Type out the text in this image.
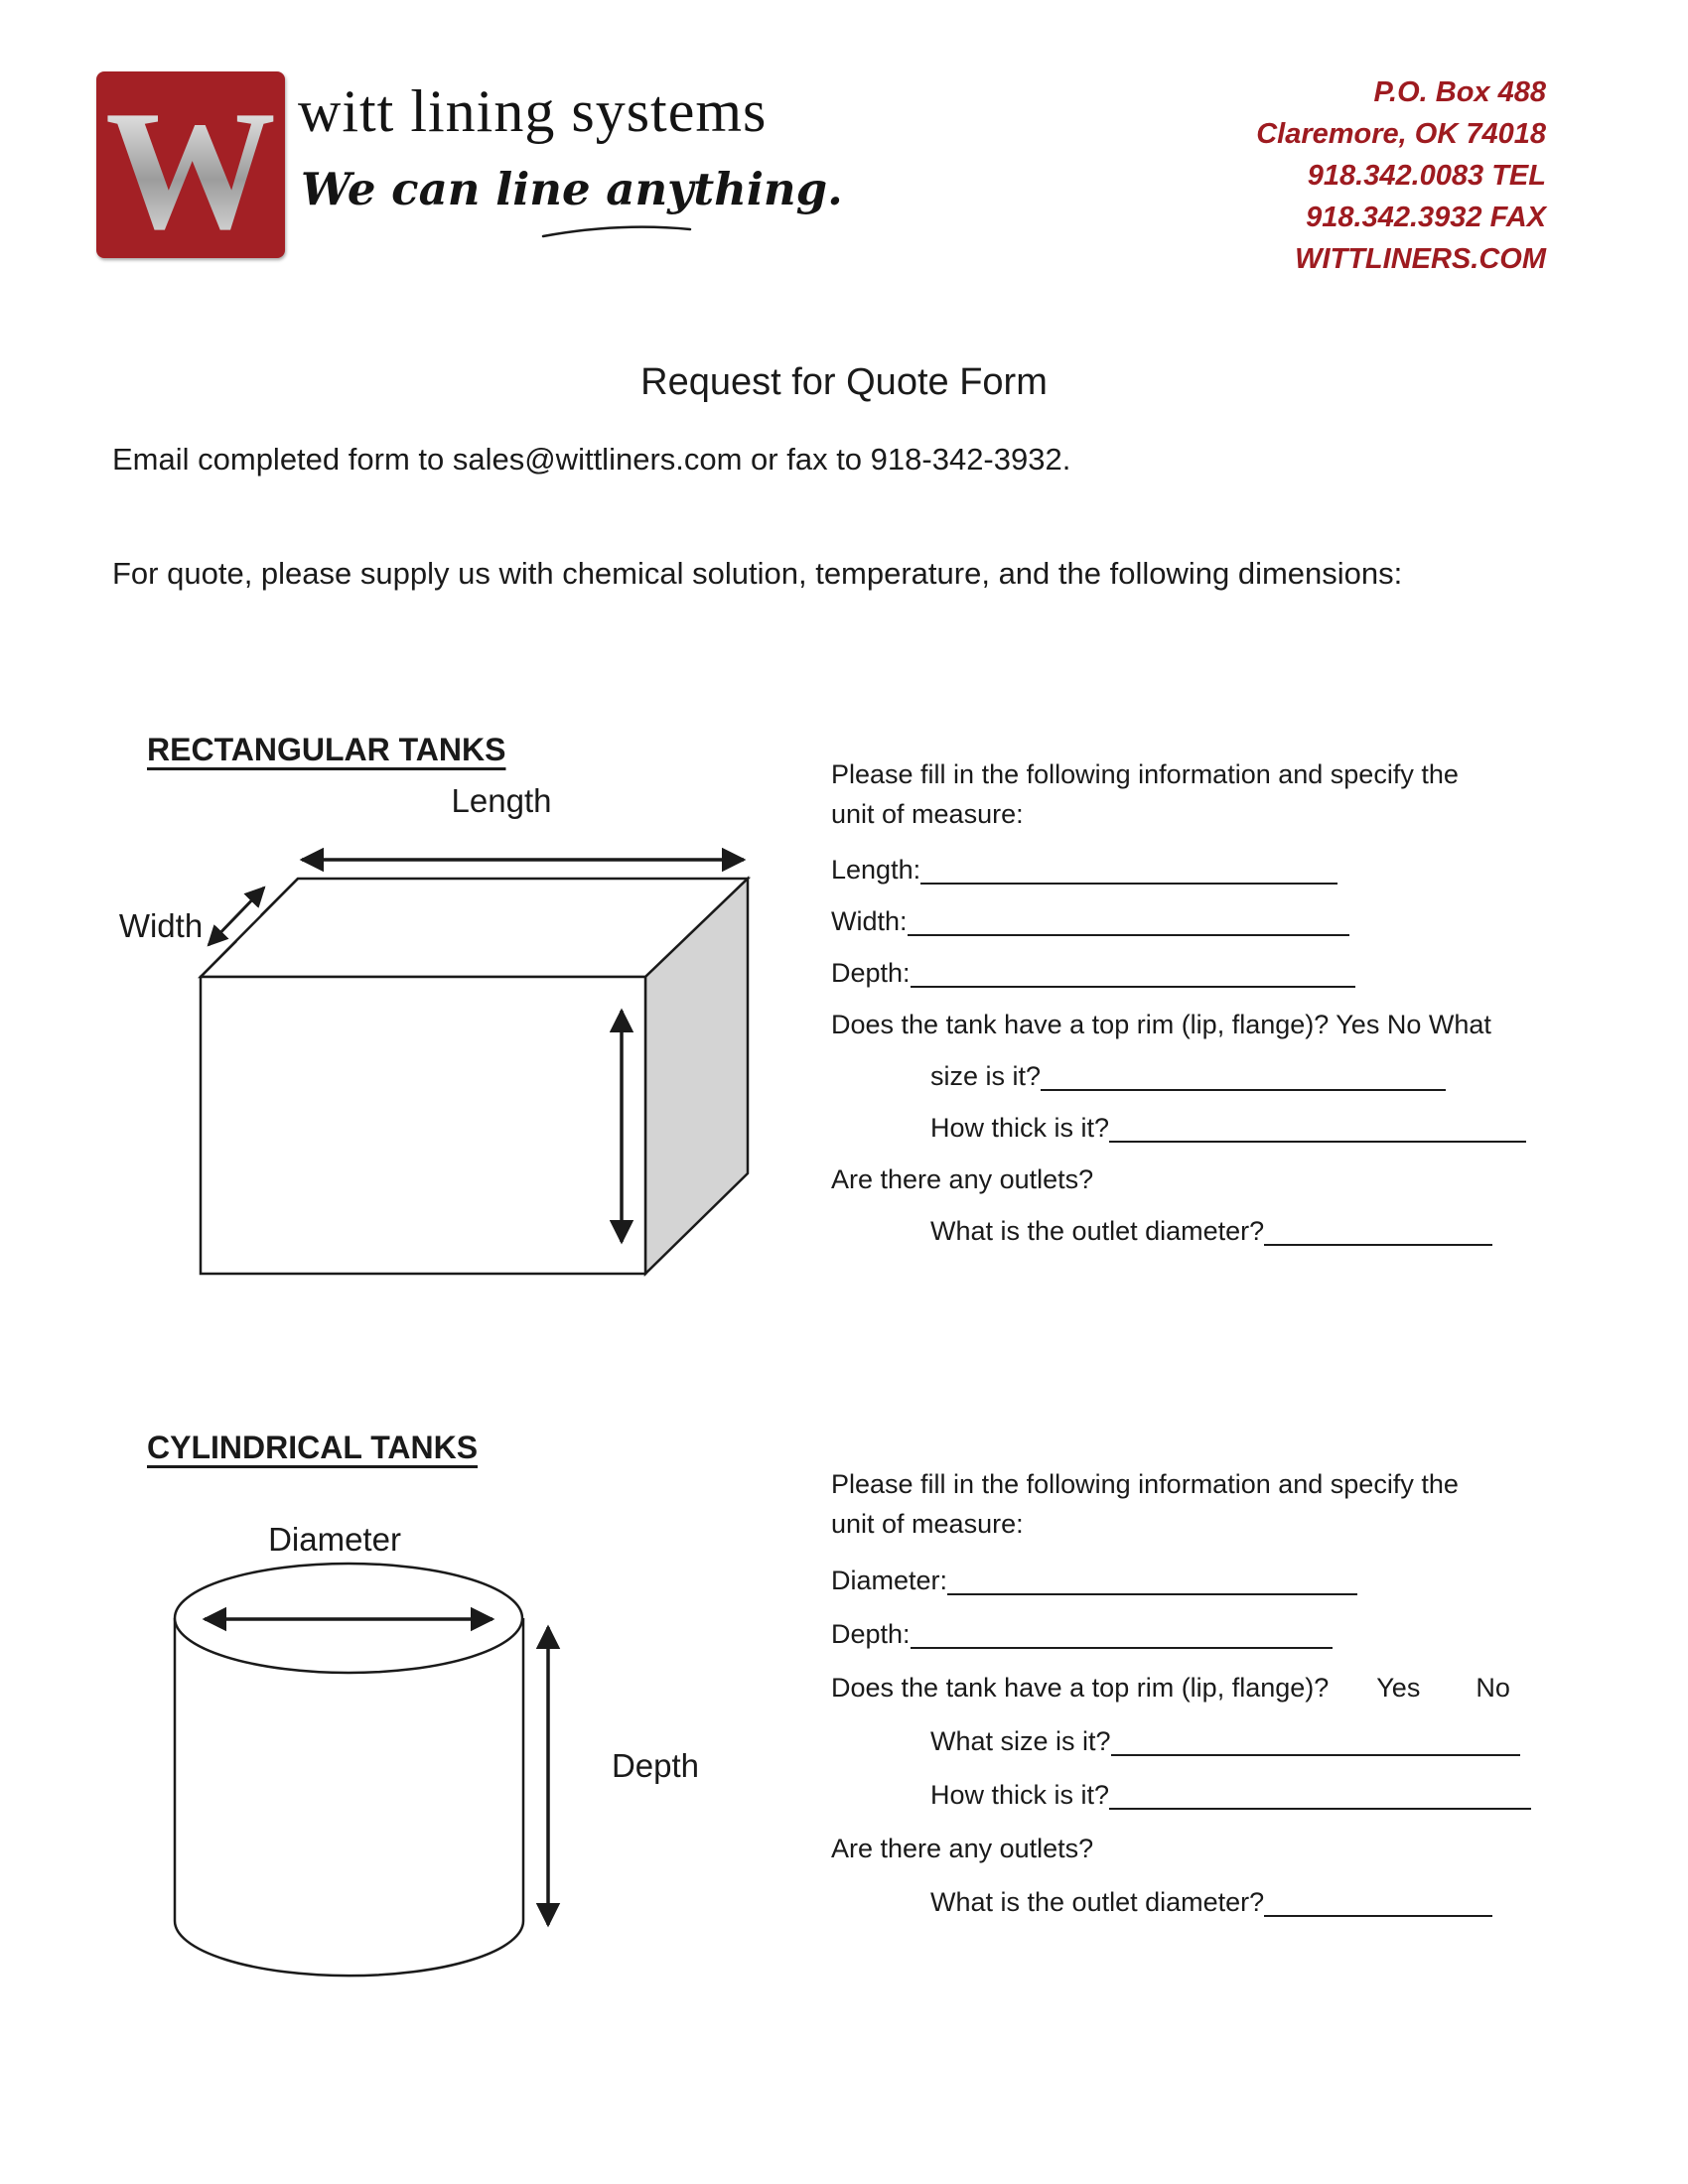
W witt lining systems
We can line anything.
P.O. Box 488
Claremore, OK 74018
918.342.0083 TEL
918.342.3932 FAX
WITTLINERS.COM
Request for Quote Form
Email completed form to sales@wittliners.com or fax to 918-342-3932.
For quote, please supply us with chemical solution, temperature, and the following dimensions:
RECTANGULAR TANKS
Length
Width

Please fill in the following information and specify the
unit of measure:

Length:
Width:
Depth:
Does the tank have a top rim (lip, flange)? Yes No What
size is it?
How thick is it?
Are there any outlets?
What is the outlet diameter?
CYLINDRICAL TANKS
Diameter
Depth

Please fill in the following information and specify the
unit of measure:

Diameter:
Depth:
Does the tank have a top rim (lip, flange)? Yes No
What size is it?
How thick is it?
Are there any outlets?
What is the outlet diameter?
